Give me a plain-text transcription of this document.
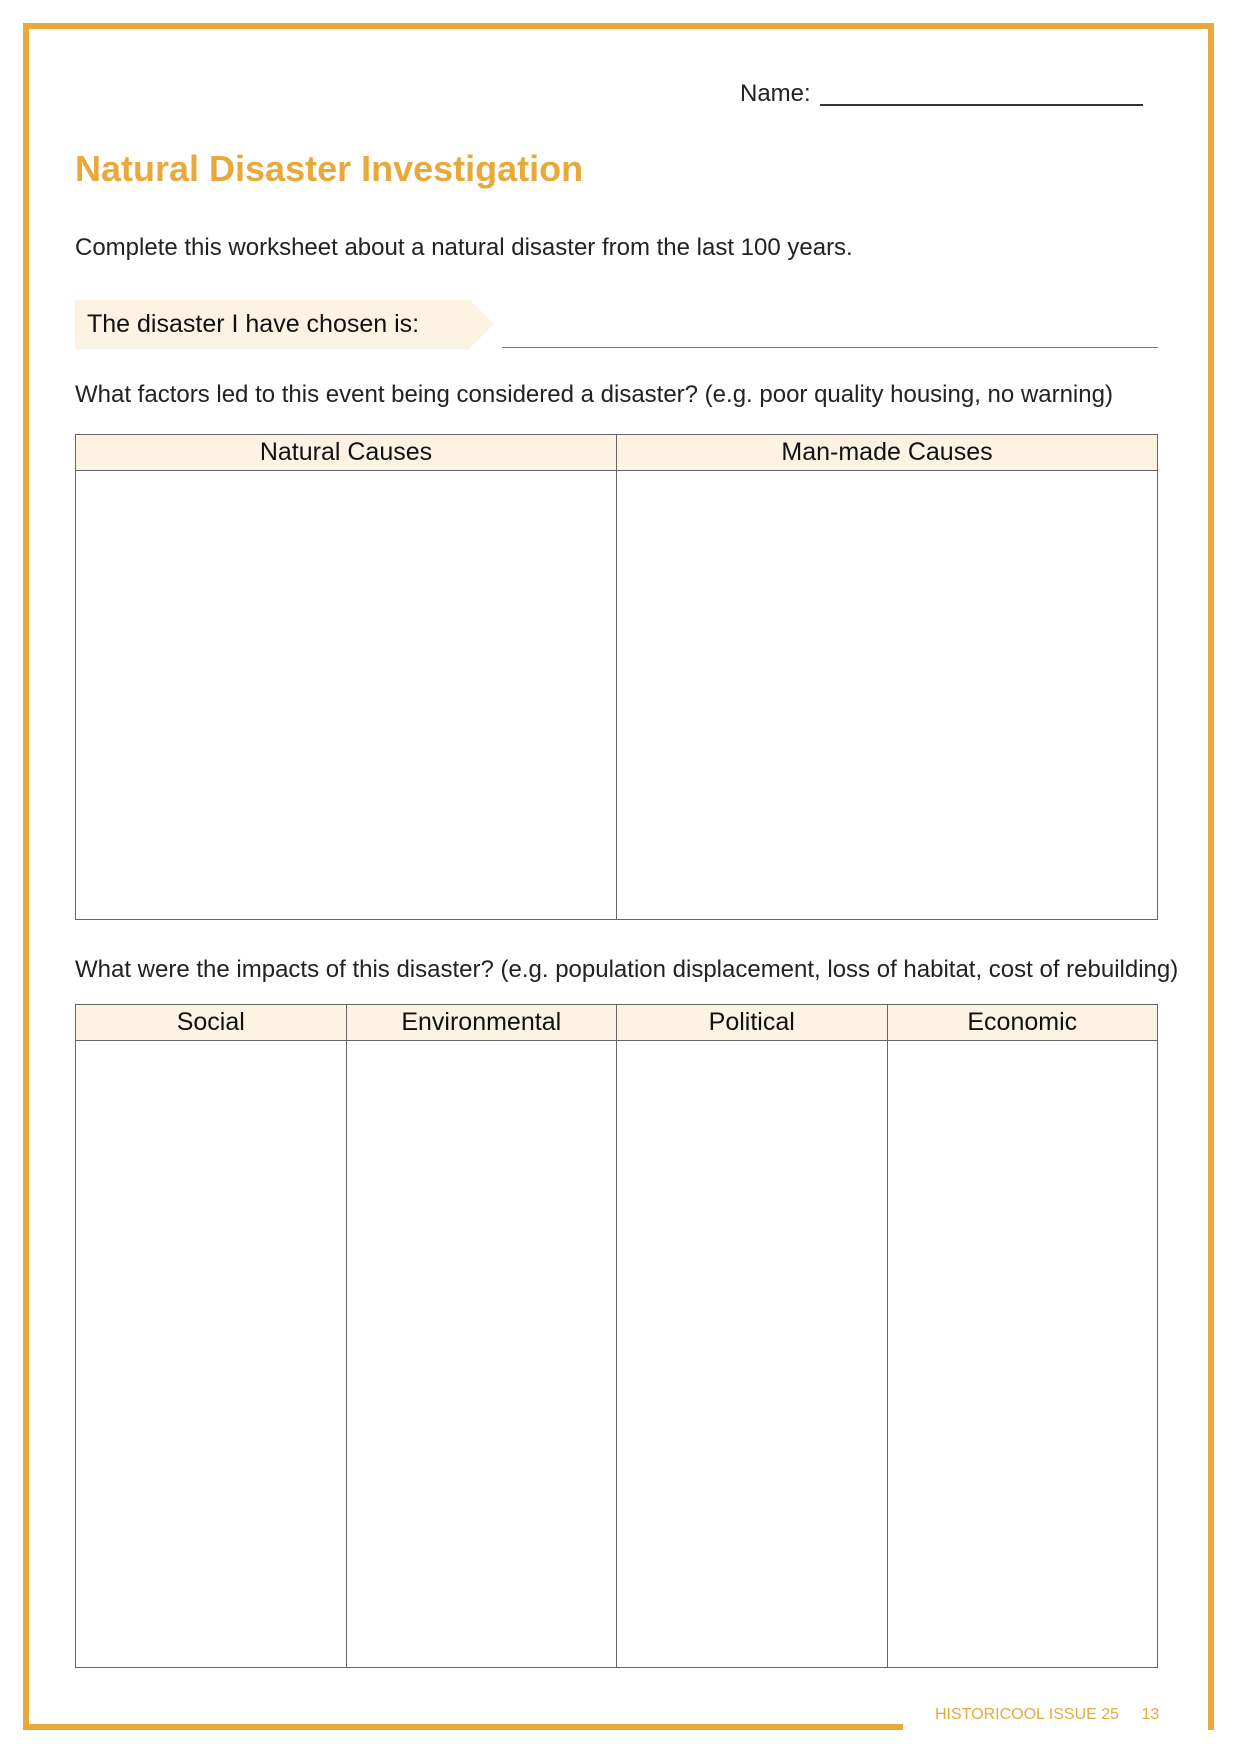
Name:
Natural Disaster Investigation

Complete this worksheet about a natural disaster from the last 100 years.

The disaster I have chosen is:

What factors led to this event being considered a disaster? (e.g. poor quality housing, no warning)

Natural Causes	Man-made Causes

What were the impacts of this disaster? (e.g. population displacement, loss of habitat, cost of rebuilding)

Social	Environmental	Political	Economic

HISTORICOOL ISSUE 25 13
